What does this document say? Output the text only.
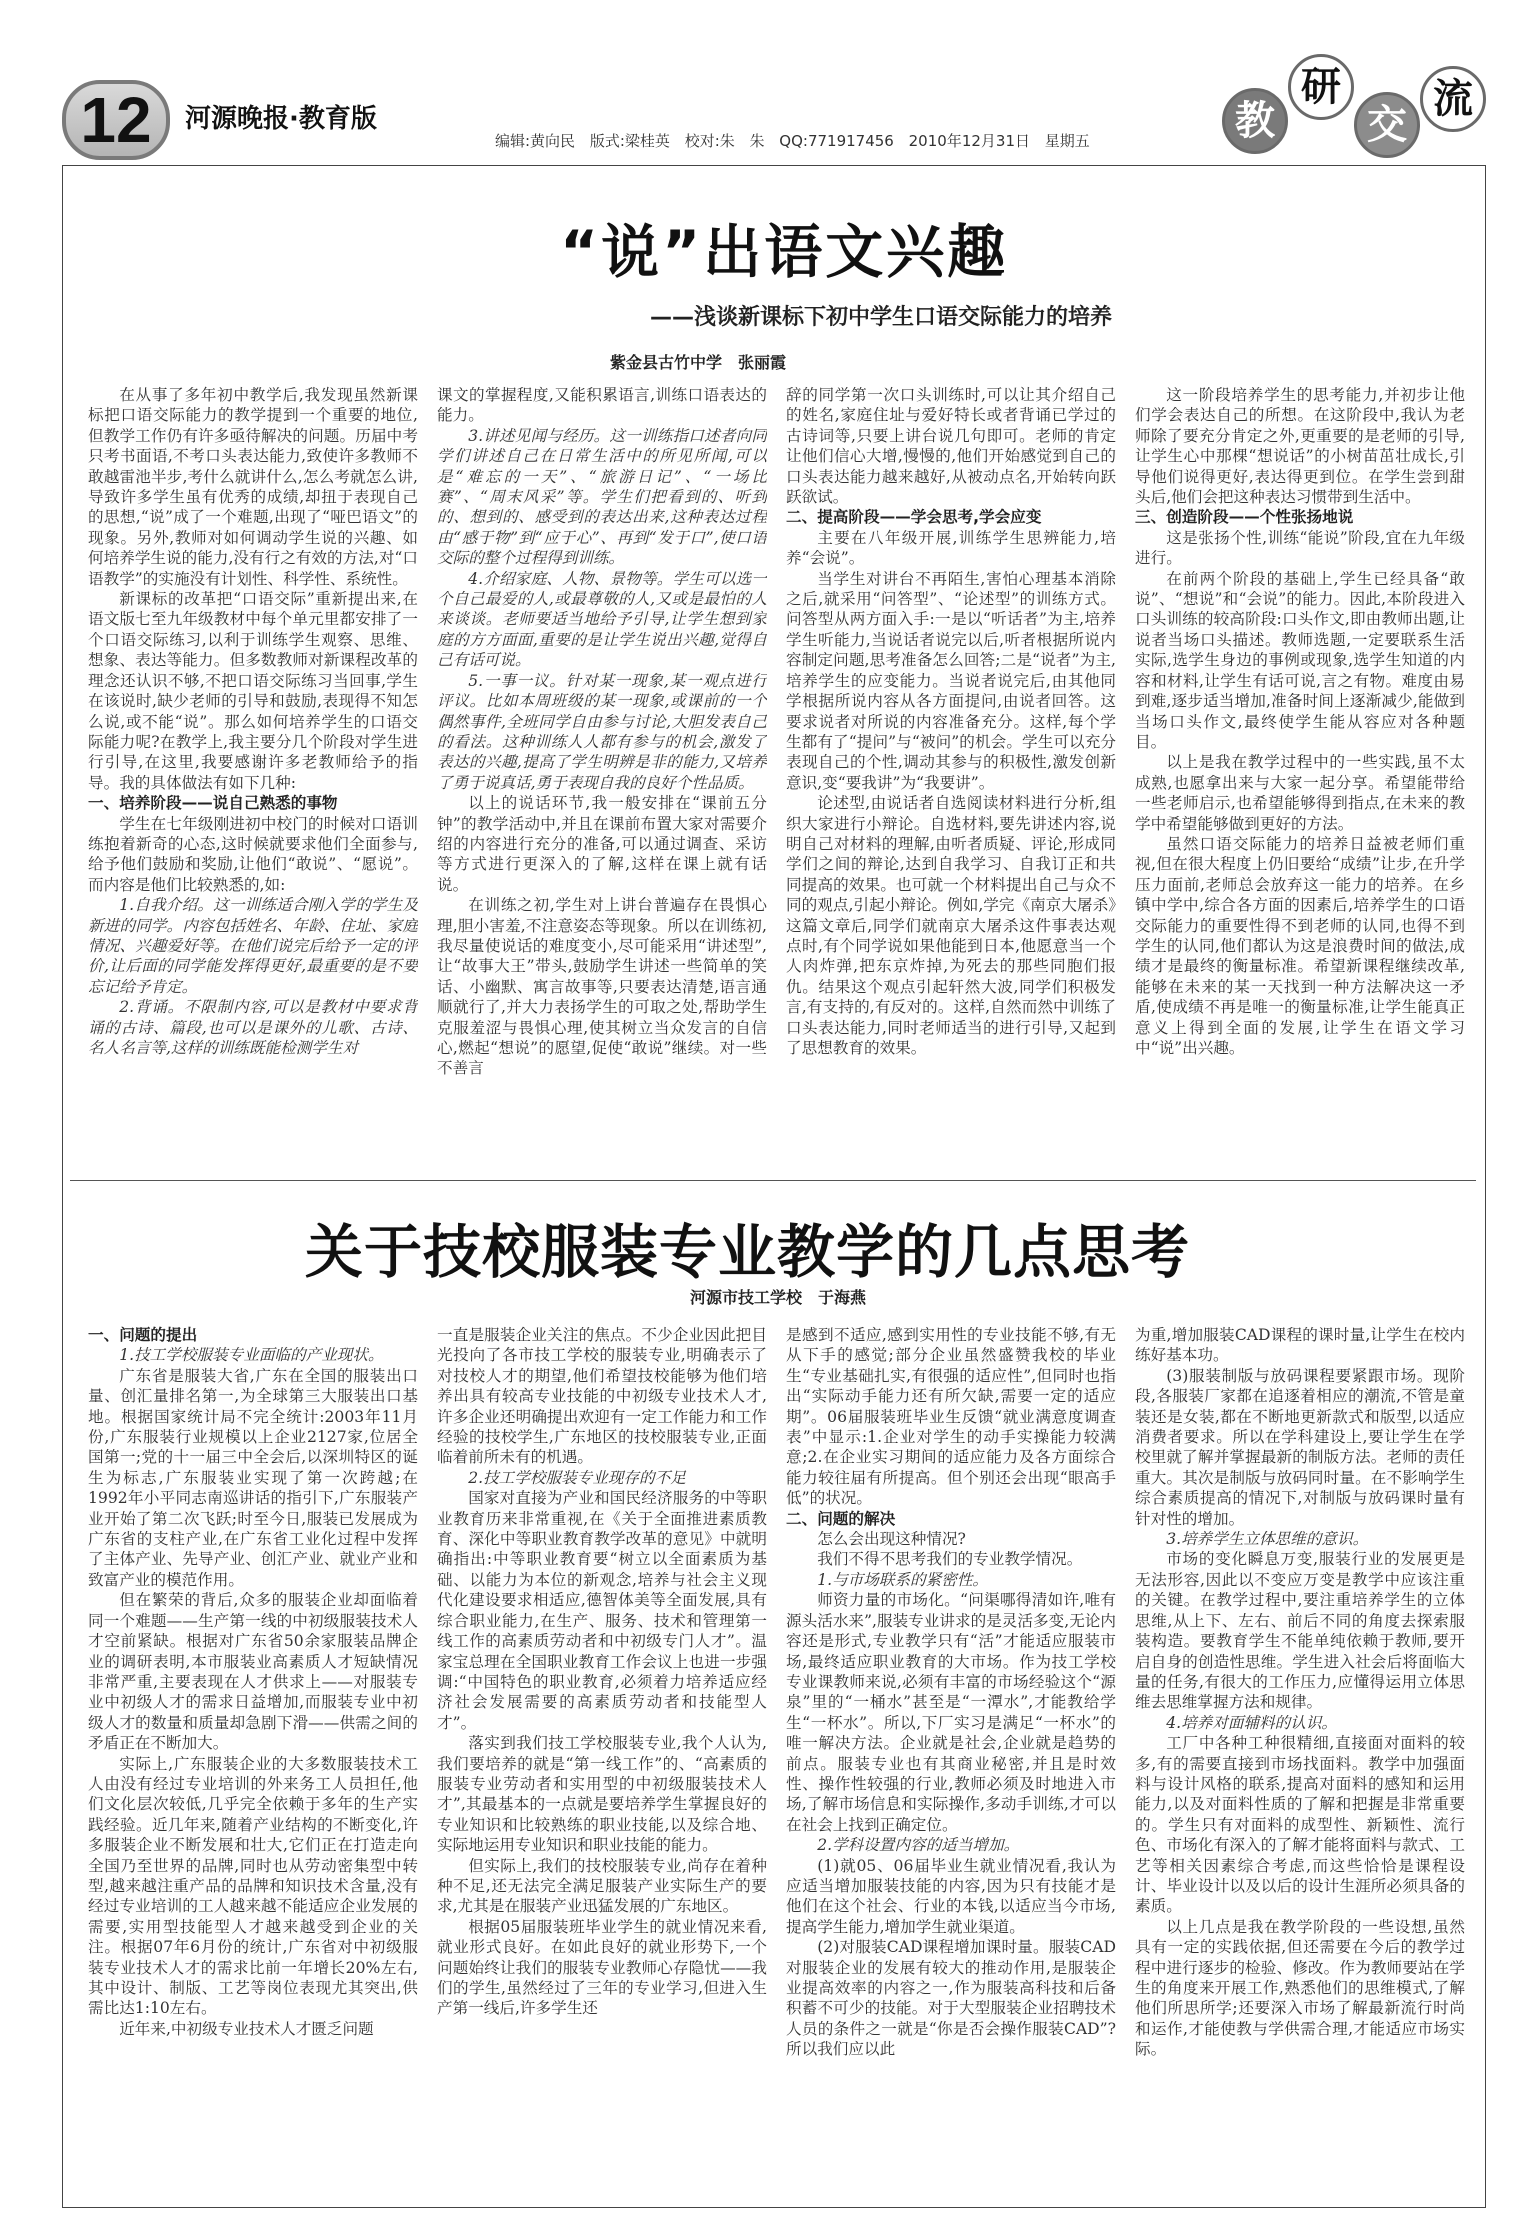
12	河源晚报·教育版
编辑:黄向民 版式:梁桂英 校对:朱 朱 QQ:771917456 2010年12月31日 星期五	教
研
交
流
“说”出语文兴趣
——浅谈新课标下初中学生口语交际能力的培养
紫金县古竹中学　张丽霞

在从事了多年初中教学后,我发现虽然新课标把口语交际能力的教学提到一个重要的地位,但教学工作仍有许多亟待解决的问题。历届中考只考书面语,不考口头表达能力,致使许多教师不敢越雷池半步,考什么就讲什么,怎么考就怎么讲,导致许多学生虽有优秀的成绩,却扭于表现自己的思想,“说”成了一个难题,出现了“哑巴语文”的现象。另外,教师对如何调动学生说的兴趣、如何培养学生说的能力,没有行之有效的方法,对“口语教学”的实施没有计划性、科学性、系统性。

新课标的改革把“口语交际”重新提出来,在语文版七至九年级教材中每个单元里都安排了一个口语交际练习,以利于训练学生观察、思维、想象、表达等能力。但多数教师对新课程改革的理念还认识不够,不把口语交际练习当回事,学生在该说时,缺少老师的引导和鼓励,表现得不知怎么说,或不能“说”。那么如何培养学生的口语交际能力呢?在教学上,我主要分几个阶段对学生进行引导,在这里,我要感谢许多老教师给予的指导。我的具体做法有如下几种:

一、培养阶段——说自己熟悉的事物

学生在七年级刚进初中校门的时候对口语训练抱着新奇的心态,这时候就要求他们全面参与,给予他们鼓励和奖励,让他们“敢说”、“愿说”。而内容是他们比较熟悉的,如:

1.自我介绍。这一训练适合刚入学的学生及新进的同学。内容包括姓名、年龄、住址、家庭情况、兴趣爱好等。在他们说完后给予一定的评价,让后面的同学能发挥得更好,最重要的是不要忘记给予肯定。

2.背诵。不限制内容,可以是教材中要求背诵的古诗、篇段,也可以是课外的儿歌、古诗、名人名言等,这样的训练既能检测学生对

课文的掌握程度,又能积累语言,训练口语表达的能力。

3.讲述见闻与经历。这一训练指口述者向同学们讲述自己在日常生活中的所见所闻,可以是“难忘的一天”、“旅游日记”、“一场比赛”、“周末风采”等。学生们把看到的、听到的、想到的、感受到的表达出来,这种表达过程由“感于物”到“应于心”、再到“发于口”,使口语交际的整个过程得到训练。

4.介绍家庭、人物、景物等。学生可以选一个自己最爱的人,或最尊敬的人,又或是最怕的人来谈谈。老师要适当地给予引导,让学生想到家庭的方方面面,重要的是让学生说出兴趣,觉得自己有话可说。

5.一事一议。针对某一现象,某一观点进行评议。比如本周班级的某一现象,或课前的一个偶然事件,全班同学自由参与讨论,大胆发表自己的看法。这种训练人人都有参与的机会,激发了表达的兴趣,提高了学生明辨是非的能力,又培养了勇于说真话,勇于表现自我的良好个性品质。

以上的说话环节,我一般安排在“课前五分钟”的教学活动中,并且在课前布置大家对需要介绍的内容进行充分的准备,可以通过调查、采访等方式进行更深入的了解,这样在课上就有话说。

在训练之初,学生对上讲台普遍存在畏惧心理,胆小害羞,不注意姿态等现象。所以在训练初,我尽量使说话的难度变小,尽可能采用“讲述型”,让“故事大王”带头,鼓励学生讲述一些简单的笑话、小幽默、寓言故事等,只要表达清楚,语言通顺就行了,并大力表扬学生的可取之处,帮助学生克服羞涩与畏惧心理,使其树立当众发言的自信心,燃起“想说”的愿望,促使“敢说”继续。对一些不善言

辞的同学第一次口头训练时,可以让其介绍自己的姓名,家庭住址与爱好特长或者背诵已学过的古诗词等,只要上讲台说几句即可。老师的肯定让他们信心大增,慢慢的,他们开始感觉到自己的口头表达能力越来越好,从被动点名,开始转向跃跃欲试。

二、提高阶段——学会思考,学会应变

主要在八年级开展,训练学生思辨能力,培养“会说”。

当学生对讲台不再陌生,害怕心理基本消除之后,就采用“问答型”、“论述型”的训练方式。问答型从两方面入手:一是以“听话者”为主,培养学生听能力,当说话者说完以后,听者根据所说内容制定问题,思考准备怎么回答;二是“说者”为主,培养学生的应变能力。当说者说完后,由其他同学根据所说内容从各方面提问,由说者回答。这要求说者对所说的内容准备充分。这样,每个学生都有了“提问”与“被问”的机会。学生可以充分表现自己的个性,调动其参与的积极性,激发创新意识,变“要我讲”为“我要讲”。

论述型,由说话者自选阅读材料进行分析,组织大家进行小辩论。自选材料,要先讲述内容,说明自己对材料的理解,由听者质疑、评论,形成同学们之间的辩论,达到自我学习、自我订正和共同提高的效果。也可就一个材料提出自己与众不同的观点,引起小辩论。例如,学完《南京大屠杀》这篇文章后,同学们就南京大屠杀这件事表达观点时,有个同学说如果他能到日本,他愿意当一个人肉炸弹,把东京炸掉,为死去的那些同胞们报仇。结果这个观点引起轩然大波,同学们积极发言,有支持的,有反对的。这样,自然而然中训练了口头表达能力,同时老师适当的进行引导,又起到了思想教育的效果。

这一阶段培养学生的思考能力,并初步让他们学会表达自己的所想。在这阶段中,我认为老师除了要充分肯定之外,更重要的是老师的引导,让学生心中那棵“想说话”的小树苗茁壮成长,引导他们说得更好,表达得更到位。在学生尝到甜头后,他们会把这种表达习惯带到生活中。

三、创造阶段——个性张扬地说

这是张扬个性,训练“能说”阶段,宜在九年级进行。

在前两个阶段的基础上,学生已经具备“敢说”、“想说”和“会说”的能力。因此,本阶段进入口头训练的较高阶段:口头作文,即由教师出题,让说者当场口头描述。教师选题,一定要联系生活实际,选学生身边的事例或现象,选学生知道的内容和材料,让学生有话可说,言之有物。难度由易到难,逐步适当增加,准备时间上逐渐减少,能做到当场口头作文,最终使学生能从容应对各种题目。

以上是我在教学过程中的一些实践,虽不太成熟,也愿拿出来与大家一起分享。希望能带给一些老师启示,也希望能够得到指点,在未来的教学中希望能够做到更好的方法。

虽然口语交际能力的培养日益被老师们重视,但在很大程度上仍旧要给“成绩”让步,在升学压力面前,老师总会放弃这一能力的培养。在乡镇中学中,综合各方面的因素后,培养学生的口语交际能力的重要性得不到老师的认同,也得不到学生的认同,他们都认为这是浪费时间的做法,成绩才是最终的衡量标准。希望新课程继续改革,能够在未来的某一天找到一种方法解决这一矛盾,使成绩不再是唯一的衡量标准,让学生能真正意义上得到全面的发展,让学生在语文学习中“说”出兴趣。

关于技校服装专业教学的几点思考
河源市技工学校　于海燕

一、问题的提出

1.技工学校服装专业面临的产业现状。

广东省是服装大省,广东在全国的服装出口量、创汇量排名第一,为全球第三大服装出口基地。根据国家统计局不完全统计:2003年11月份,广东服装行业规模以上企业2127家,位居全国第一;党的十一届三中全会后,以深圳特区的诞生为标志,广东服装业实现了第一次跨越;在1992年小平同志南巡讲话的指引下,广东服装产业开始了第二次飞跃;时至今日,服装已发展成为广东省的支柱产业,在广东省工业化过程中发挥了主体产业、先导产业、创汇产业、就业产业和致富产业的模范作用。

但在繁荣的背后,众多的服装企业却面临着同一个难题——生产第一线的中初级服装技术人才空前紧缺。根据对广东省50余家服装品牌企业的调研表明,本市服装业高素质人才短缺情况非常严重,主要表现在人才供求上——对服装专业中初级人才的需求日益增加,而服装专业中初级人才的数量和质量却急剧下滑——供需之间的矛盾正在不断加大。

实际上,广东服装企业的大多数服装技术工人由没有经过专业培训的外来务工人员担任,他们文化层次较低,几乎完全依赖于多年的生产实践经验。近几年来,随着产业结构的不断变化,许多服装企业不断发展和壮大,它们正在打造走向全国乃至世界的品牌,同时也从劳动密集型中转型,越来越注重产品的品牌和知识技术含量,没有经过专业培训的工人越来越不能适应企业发展的需要,实用型技能型人才越来越受到企业的关注。根据07年6月份的统计,广东省对中初级服装专业技术人才的需求比前一年增长20%左右,其中设计、制版、工艺等岗位表现尤其突出,供需比达1:10左右。

近年来,中初级专业技术人才匮乏问题

一直是服装企业关注的焦点。不少企业因此把目光投向了各市技工学校的服装专业,明确表示了对技校人才的期望,他们希望技校能够为他们培养出具有较高专业技能的中初级专业技术人才,许多企业还明确提出欢迎有一定工作能力和工作经验的技校学生,广东地区的技校服装专业,正面临着前所未有的机遇。

2.技工学校服装专业现存的不足

国家对直接为产业和国民经济服务的中等职业教育历来非常重视,在《关于全面推进素质教育、深化中等职业教育教学改革的意见》中就明确指出:中等职业教育要“树立以全面素质为基础、以能力为本位的新观念,培养与社会主义现代化建设要求相适应,德智体美等全面发展,具有综合职业能力,在生产、服务、技术和管理第一线工作的高素质劳动者和中初级专门人才”。温家宝总理在全国职业教育工作会议上也进一步强调:“中国特色的职业教育,必须着力培养适应经济社会发展需要的高素质劳动者和技能型人才”。

落实到我们技工学校服装专业,我个人认为,我们要培养的就是“第一线工作”的、“高素质的服装专业劳动者和实用型的中初级服装技术人才”,其最基本的一点就是要培养学生掌握良好的专业知识和比较熟练的职业技能,以及综合地、实际地运用专业知识和职业技能的能力。

但实际上,我们的技校服装专业,尚存在着种种不足,还无法完全满足服装产业实际生产的要求,尤其是在服装产业迅猛发展的广东地区。

根据05届服装班毕业学生的就业情况来看,就业形式良好。在如此良好的就业形势下,一个问题始终让我们的服装专业教师心存隐忧——我们的学生,虽然经过了三年的专业学习,但进入生产第一线后,许多学生还

是感到不适应,感到实用性的专业技能不够,有无从下手的感觉;部分企业虽然盛赞我校的毕业生“专业基础扎实,有很强的适应性”,但同时也指出“实际动手能力还有所欠缺,需要一定的适应期”。06届服装班毕业生反馈“就业满意度调查表”中显示:1.企业对学生的动手实操能力较满意;2.在企业实习期间的适应能力及各方面综合能力较往届有所提高。但个别还会出现“眼高手低”的状况。

二、问题的解决

怎么会出现这种情况?

我们不得不思考我们的专业教学情况。

1.与市场联系的紧密性。

师资力量的市场化。“问渠哪得清如许,唯有源头活水来”,服装专业讲求的是灵活多变,无论内容还是形式,专业教学只有“活”才能适应服装市场,最终适应职业教育的大市场。作为技工学校专业课教师来说,必须有丰富的市场经验这个“源泉”里的“一桶水”甚至是“一潭水”,才能教给学生“一杯水”。所以,下厂实习是满足“一杯水”的唯一解决方法。企业就是社会,企业就是趋势的前点。服装专业也有其商业秘密,并且是时效性、操作性较强的行业,教师必须及时地进入市场,了解市场信息和实际操作,多动手训练,才可以在社会上找到正确定位。

2.学科设置内容的适当增加。

(1)就05、06届毕业生就业情况看,我认为应适当增加服装技能的内容,因为只有技能才是他们在这个社会、行业的本钱,以适应当今市场,提高学生能力,增加学生就业渠道。

(2)对服装CAD课程增加课时量。服装CAD对服装企业的发展有较大的推动作用,是服装企业提高效率的内容之一,作为服装高科技和后备积蓄不可少的技能。对于大型服装企业招聘技术人员的条件之一就是“你是否会操作服装CAD”?所以我们应以此

为重,增加服装CAD课程的课时量,让学生在校内练好基本功。

(3)服装制版与放码课程要紧跟市场。现阶段,各服装厂家都在追逐着相应的潮流,不管是童装还是女装,都在不断地更新款式和版型,以适应消费者要求。所以在学科建设上,要让学生在学校里就了解并掌握最新的制版方法。老师的责任重大。其次是制版与放码同时量。在不影响学生综合素质提高的情况下,对制版与放码课时量有针对性的增加。

3.培养学生立体思维的意识。

市场的变化瞬息万变,服装行业的发展更是无法形容,因此以不变应万变是教学中应该注重的关键。在教学过程中,要注重培养学生的立体思维,从上下、左右、前后不同的角度去探索服装构造。要教育学生不能单纯依赖于教师,要开启自身的创造性思维。学生进入社会后将面临大量的任务,有很大的工作压力,应懂得运用立体思维去思维掌握方法和规律。

4.培养对面辅料的认识。

工厂中各种工种很精细,直接面对面料的较多,有的需要直接到市场找面料。教学中加强面料与设计风格的联系,提高对面料的感知和运用能力,以及对面料性质的了解和把握是非常重要的。学生只有对面料的成型性、新颖性、流行色、市场化有深入的了解才能将面料与款式、工艺等相关因素综合考虑,而这些恰恰是课程设计、毕业设计以及以后的设计生涯所必须具备的素质。

以上几点是我在教学阶段的一些设想,虽然具有一定的实践依据,但还需要在今后的教学过程中进行逐步的检验、修改。作为教师要站在学生的角度来开展工作,熟悉他们的思维模式,了解他们所思所学;还要深入市场了解最新流行时尚和运作,才能使教与学供需合理,才能适应市场实际。
